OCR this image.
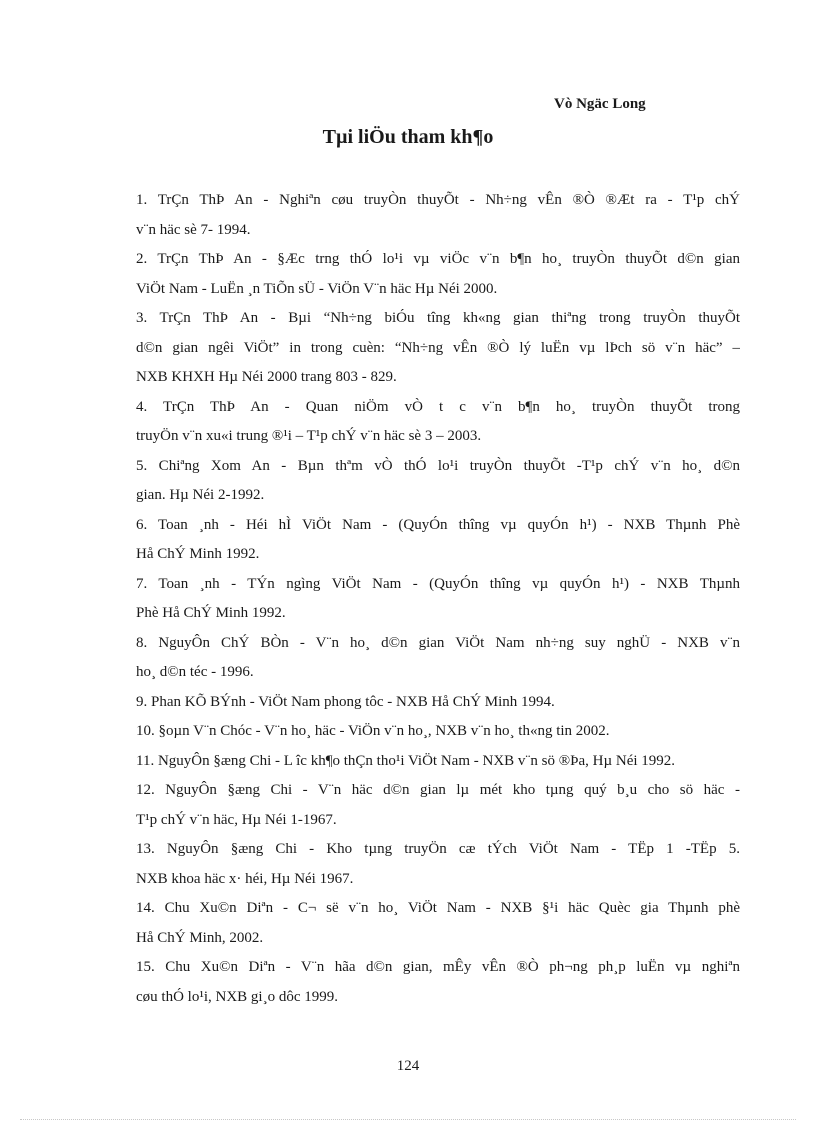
Vò Ngäc Long
Tµi liÖu tham kh¶o
1. TrÇn ThÞ An - Nghiªn cøu truyÒn thuyÕt - Nh÷ng vÊn ®Ò ®Æt ra - T¹p chÝ
v¨n häc sè 7- 1994.
2. TrÇn ThÞ An - §Æc trng thÓ lo¹i vµ viÖc v¨n b¶n ho¸ truyÒn thuyÕt d©n gian
ViÖt Nam - LuËn ¸n TiÕn sÜ - ViÖn V¨n häc Hµ Néi 2000.
3. TrÇn ThÞ An - Bµi “Nh÷ng biÓu tîng kh«ng gian thiªng trong truyÒn thuyÕt
d©n gian ngêi ViÖt” in trong cuèn: “Nh÷ng vÊn ®Ò lý luËn vµ lÞch sö v¨n häc” –
NXB KHXH Hµ Néi 2000 trang 803 - 829.
4. TrÇn ThÞ An - Quan niÖm vÒ t c v¨n b¶n ho¸ truyÒn thuyÕt trong
truyÖn v¨n xu«i trung ®¹i – T¹p chÝ v¨n häc sè 3 – 2003.
5. Chiªng Xom An - Bµn thªm vÒ thÓ lo¹i truyÒn thuyÕt -T¹p chÝ v¨n ho¸ d©n
gian. Hµ Néi 2-1992.
6. Toan ¸nh - Héi hÌ ViÖt Nam - (QuyÓn thîng vµ quyÓn h¹) - NXB Thµnh Phè
Hå ChÝ Minh 1992.
7. Toan ¸nh - TÝn ngìng ViÖt Nam - (QuyÓn thîng vµ quyÓn h¹) - NXB Thµnh
Phè Hå ChÝ Minh 1992.
8. NguyÔn ChÝ BÒn - V¨n ho¸ d©n gian ViÖt Nam nh÷ng suy nghÜ - NXB v¨n
ho¸ d©n téc - 1996.
9. Phan KÕ BÝnh - ViÖt Nam phong tôc - NXB Hå ChÝ Minh 1994.
10. §oµn V¨n Chóc - V¨n ho¸ häc - ViÖn v¨n ho¸, NXB v¨n ho¸ th«ng tin 2002.
11. NguyÔn §æng Chi - L îc kh¶o thÇn tho¹i ViÖt Nam - NXB v¨n sö ®Þa, Hµ Néi 1992.
12. NguyÔn §æng Chi - V¨n häc d©n gian lµ mét kho tµng quý b¸u cho sö häc -
T¹p chÝ v¨n häc, Hµ Néi 1-1967.
13. NguyÔn §æng Chi - Kho tµng truyÖn cæ tÝch ViÖt Nam - TËp 1 -TËp 5.
NXB khoa häc x· héi, Hµ Néi 1967.
14. Chu Xu©n Diªn - C¬ së v¨n ho¸ ViÖt Nam - NXB §¹i häc Quèc gia Thµnh phè
Hå ChÝ Minh, 2002.
15. Chu Xu©n Diªn - V¨n hãa d©n gian, mÊy vÊn ®Ò ph¬ng ph¸p luËn vµ nghiªn
cøu thÓ lo¹i, NXB gi¸o dôc 1999.
124
